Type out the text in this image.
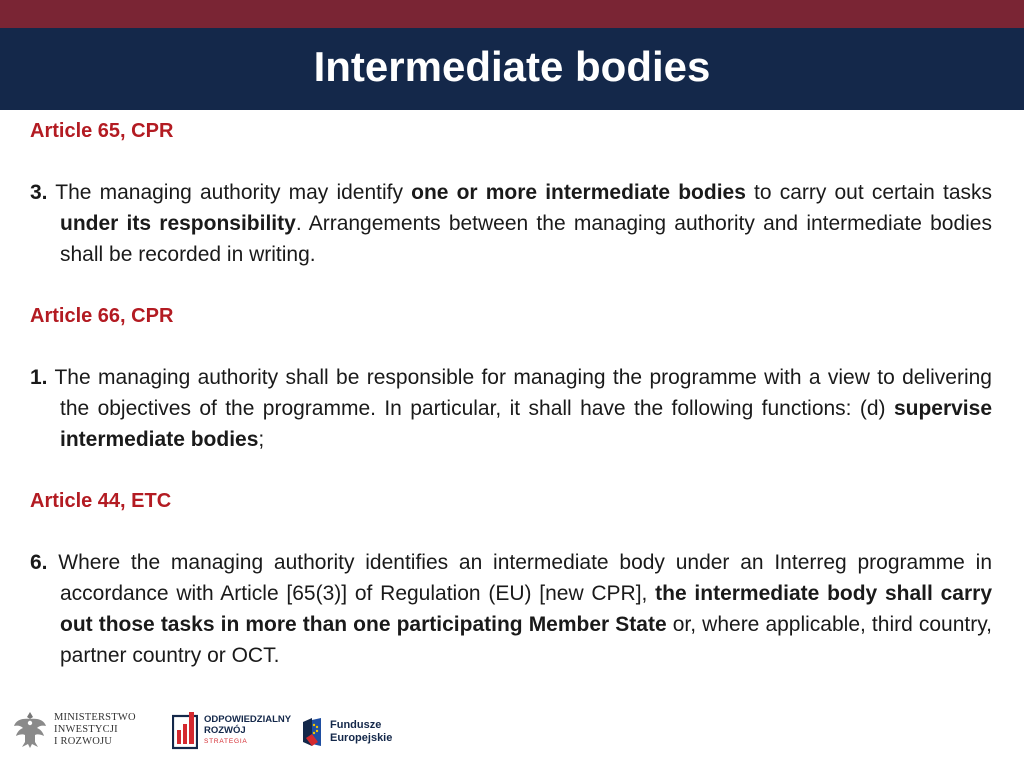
Intermediate bodies

Article 65, CPR

3. The managing authority may identify one or more intermediate bodies to carry out certain tasks under its responsibility. Arrangements between the managing authority and intermediate bodies shall be recorded in writing.

Article 66, CPR

1. The managing authority shall be responsible for managing the programme with a view to delivering the objectives of the programme. In particular, it shall have the following functions: (d) supervise intermediate bodies;

Article 44, ETC

6. Where the managing authority identifies an intermediate body under an Interreg programme in accordance with Article [65(3)] of Regulation (EU) [new CPR], the intermediate body shall carry out those tasks in more than one participating Member State or, where applicable, third country, partner country or OCT.

MINISTERSTWO
INWESTYCJI
I ROZWOJU
ODPOWIEDZIALNY
ROZWÓJ
STRATEGIA
Fundusze
Europejskie
